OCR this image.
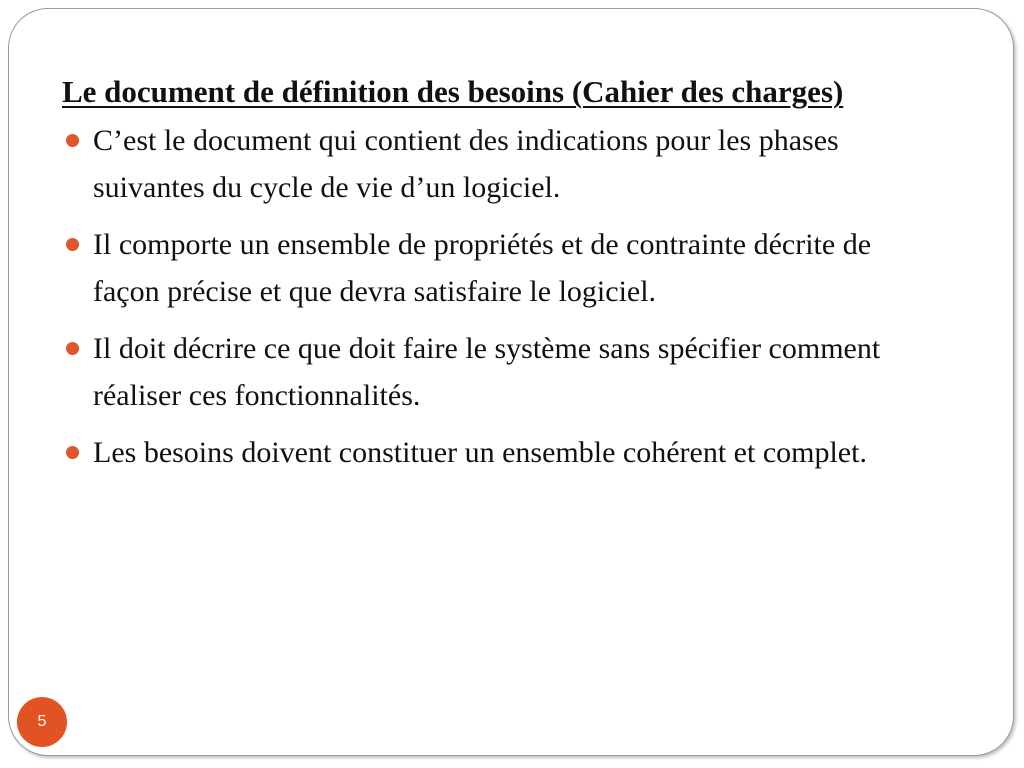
Le document de définition des besoins (Cahier des charges)
C’est le document qui contient des indications pour les phases suivantes du cycle de vie d’un logiciel.
Il comporte un ensemble de propriétés et de contrainte décrite de façon précise et que devra satisfaire le logiciel.
Il doit décrire ce que doit faire le système sans spécifier comment réaliser ces fonctionnalités.
Les besoins doivent constituer un ensemble cohérent et complet.
5
